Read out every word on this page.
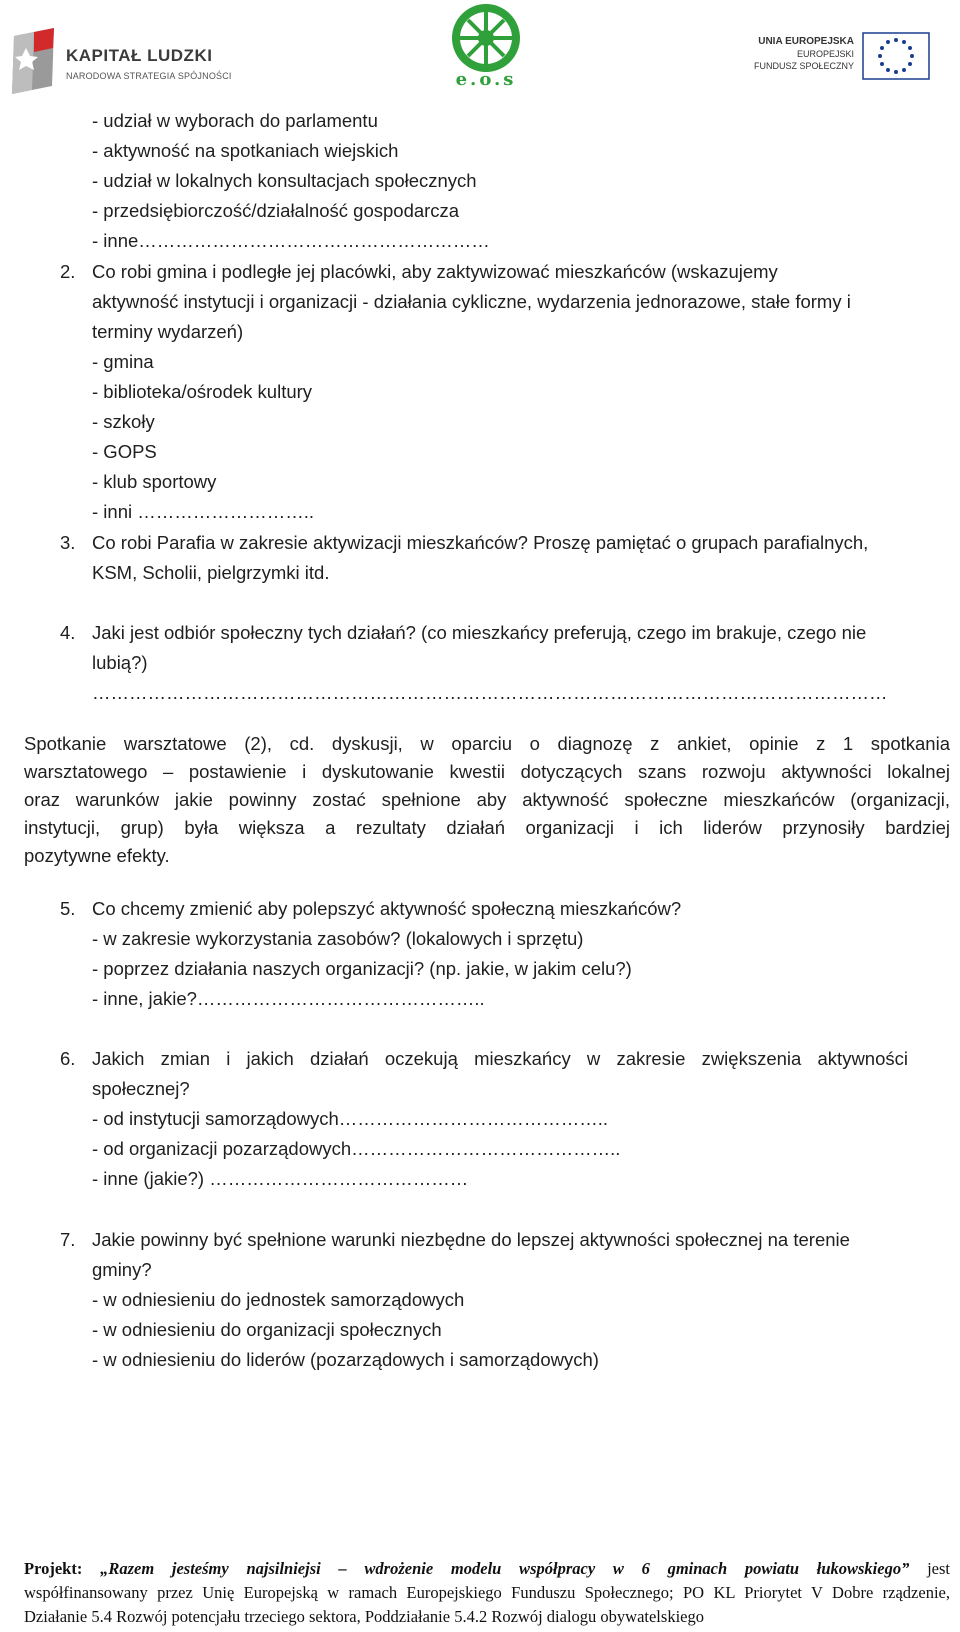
KAPITAŁ LUDZKI
NARODOWA STRATEGIA SPÓJNOŚCI	e.o.s
UNIA EUROPEJSKA
EUROPEJSKI
FUNDUSZ SPOŁECZNY
- udział w wyborach do parlamentu
- aktywność na spotkaniach wiejskich
- udział w lokalnych konsultacjach społecznych
- przedsiębiorczość/działalność gospodarcza
- inne…………………………………………………
2. Co robi gmina i podległe jej placówki, aby zaktywizować mieszkańców (wskazujemy
aktywność instytucji i organizacji - działania cykliczne, wydarzenia jednorazowe, stałe formy i
terminy wydarzeń)
- gmina
- biblioteka/ośrodek kultury
- szkoły
- GOPS
- klub sportowy
- inni ………………………..
3. Co robi Parafia w zakresie aktywizacji mieszkańców? Proszę pamiętać o grupach parafialnych,
KSM, Scholii, pielgrzymki itd.
4. Jaki jest odbiór społeczny tych działań? (co mieszkańcy preferują, czego im brakuje, czego nie
lubią?)
…………………………………………………………………………………………………………………
Spotkanie warsztatowe (2), cd. dyskusji, w oparciu o diagnozę z ankiet, opinie z 1 spotkania
warsztatowego – postawienie i dyskutowanie kwestii dotyczących szans rozwoju aktywności lokalnej
oraz warunków jakie powinny zostać spełnione aby aktywność społeczne mieszkańców (organizacji,
instytucji, grup) była większa a rezultaty działań organizacji i ich liderów przynosiły bardziej
pozytywne efekty.
5. Co chcemy zmienić aby polepszyć aktywność społeczną mieszkańców?
- w zakresie wykorzystania zasobów? (lokalowych i sprzętu)
- poprzez działania naszych organizacji? (np. jakie, w jakim celu?)
- inne, jakie?………………………………………..
6. Jakich zmian i jakich działań oczekują mieszkańcy w zakresie zwiększenia aktywności
społecznej?
- od instytucji samorządowych……………………………………..
- od organizacji pozarządowych……………………………………..
- inne (jakie?) ……………………………………
7. Jakie powinny być spełnione warunki niezbędne do lepszej aktywności społecznej na terenie
gminy?
- w odniesieniu do jednostek samorządowych
- w odniesieniu do organizacji społecznych
- w odniesieniu do liderów (pozarządowych i samorządowych)
Projekt: „Razem jesteśmy najsilniejsi – wdrożenie modelu współpracy w 6 gminach powiatu łukowskiego” jest
współfinansowany przez Unię Europejską w ramach Europejskiego Funduszu Społecznego; PO KL Priorytet V Dobre rządzenie,
Działanie 5.4 Rozwój potencjału trzeciego sektora, Poddziałanie 5.4.2 Rozwój dialogu obywatelskiego
